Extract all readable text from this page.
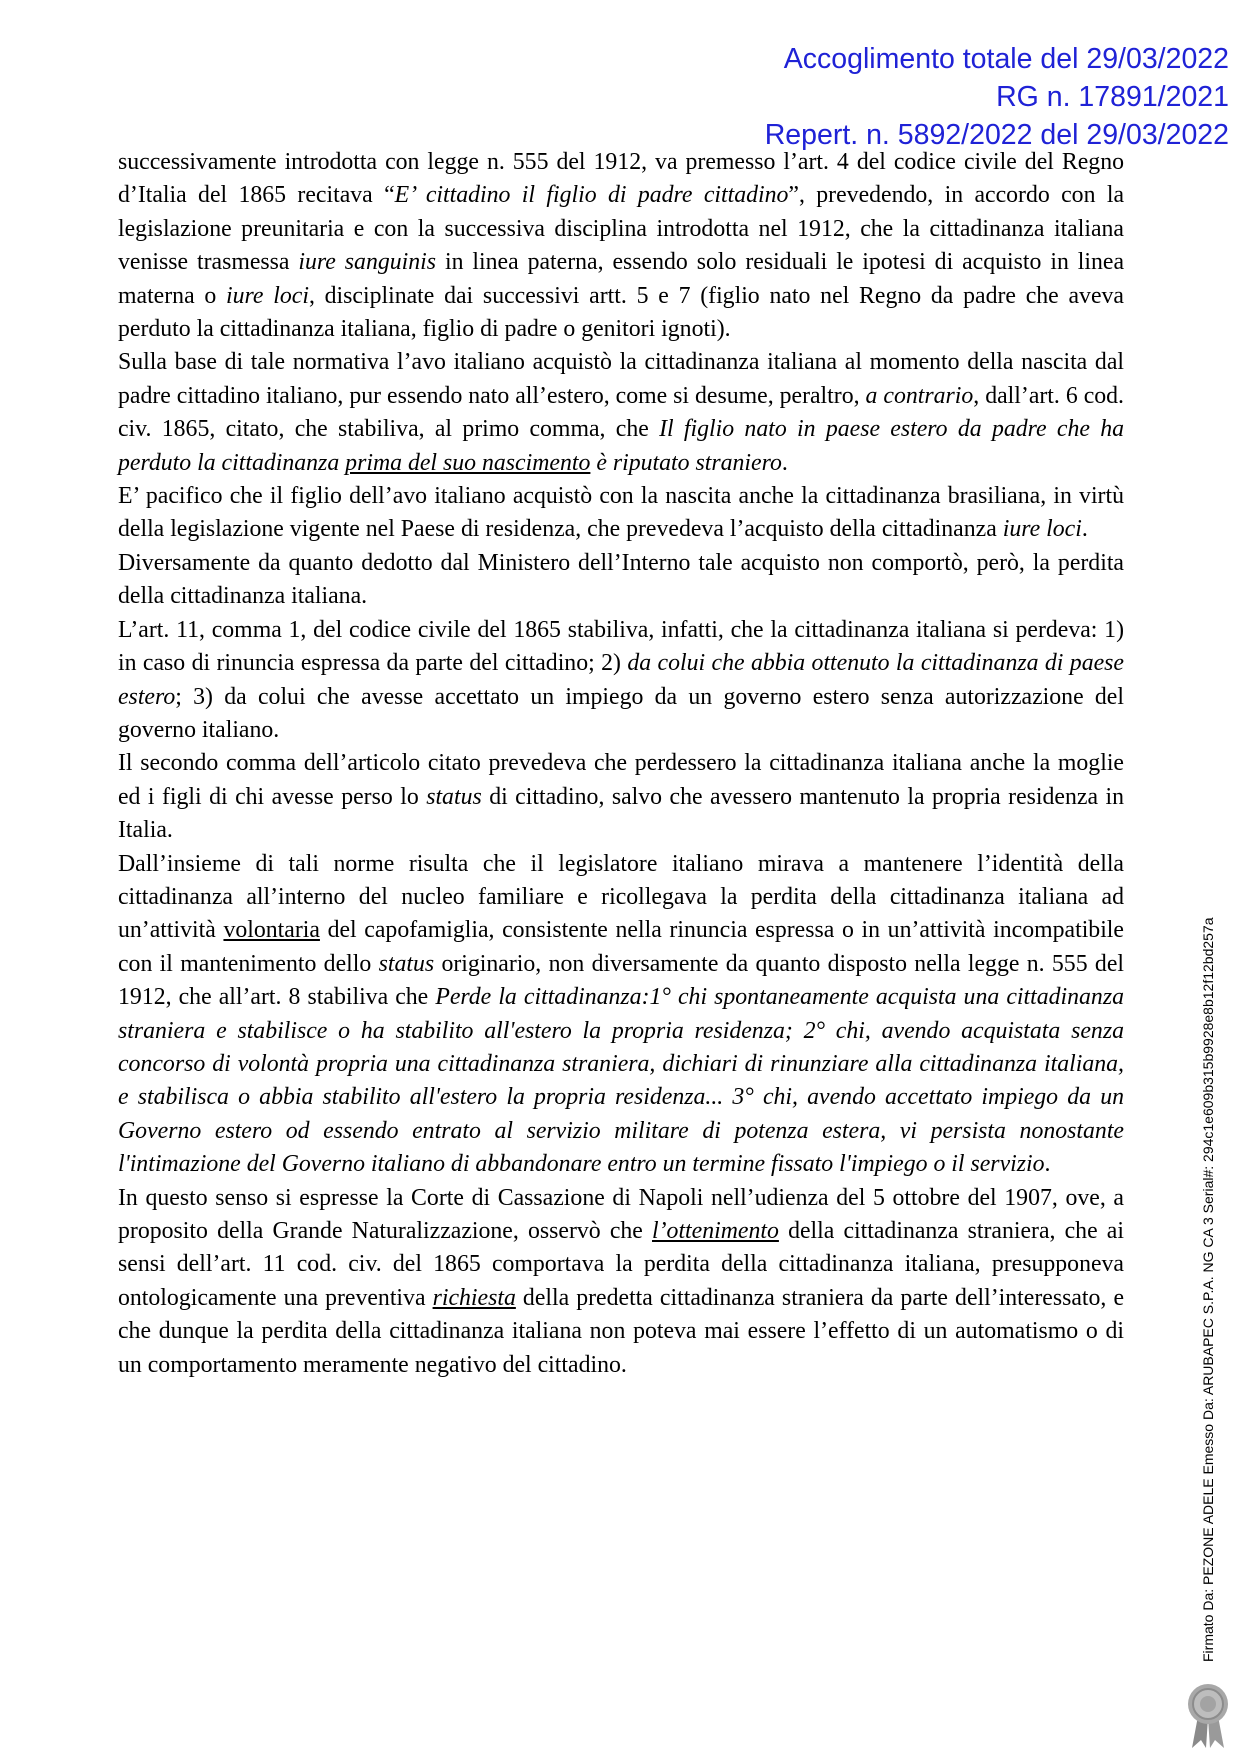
Accoglimento totale del 29/03/2022
RG n. 17891/2021
Repert. n. 5892/2022 del 29/03/2022

successivamente introdotta con legge n. 555 del 1912, va premesso l’art. 4 del codice civile del Regno d’Italia del 1865 recitava “E’ cittadino il figlio di padre cittadino”, prevedendo, in accordo con la legislazione preunitaria e con la successiva disciplina introdotta nel 1912, che la cittadinanza italiana venisse trasmessa iure sanguinis in linea paterna, essendo solo residuali le ipotesi di acquisto in linea materna o iure loci, disciplinate dai successivi artt. 5 e 7 (figlio nato nel Regno da padre che aveva perduto la cittadinanza italiana, figlio di padre o genitori ignoti).

Sulla base di tale normativa l’avo italiano acquistò la cittadinanza italiana al momento della nascita dal padre cittadino italiano, pur essendo nato all’estero, come si desume, peraltro, a contrario, dall’art. 6 cod. civ. 1865, citato, che stabiliva, al primo comma, che Il figlio nato in paese estero da padre che ha perduto la cittadinanza prima del suo nascimento è riputato straniero.

E’ pacifico che il figlio dell’avo italiano acquistò con la nascita anche la cittadinanza brasiliana, in virtù della legislazione vigente nel Paese di residenza, che prevedeva l’acquisto della cittadinanza iure loci.

Diversamente da quanto dedotto dal Ministero dell’Interno tale acquisto non comportò, però, la perdita della cittadinanza italiana.

L’art. 11, comma 1, del codice civile del 1865 stabiliva, infatti, che la cittadinanza italiana si perdeva: 1) in caso di rinuncia espressa da parte del cittadino; 2) da colui che abbia ottenuto la cittadinanza di paese estero; 3) da colui che avesse accettato un impiego da un governo estero senza autorizzazione del governo italiano.

Il secondo comma dell’articolo citato prevedeva che perdessero la cittadinanza italiana anche la moglie ed i figli di chi avesse perso lo status di cittadino, salvo che avessero mantenuto la propria residenza in Italia.

Dall’insieme di tali norme risulta che il legislatore italiano mirava a mantenere l’identità della cittadinanza all’interno del nucleo familiare e ricollegava la perdita della cittadinanza italiana ad un’attività volontaria del capofamiglia, consistente nella rinuncia espressa o in un’attività incompatibile con il mantenimento dello status originario, non diversamente da quanto disposto nella legge n. 555 del 1912, che all’art. 8 stabiliva che Perde la cittadinanza:1° chi spontaneamente acquista una cittadinanza straniera e stabilisce o ha stabilito all'estero la propria residenza; 2° chi, avendo acquistata senza concorso di volontà propria una cittadinanza straniera, dichiari di rinunziare alla cittadinanza italiana, e stabilisca o abbia stabilito all'estero la propria residenza... 3° chi, avendo accettato impiego da un Governo estero od essendo entrato al servizio militare di potenza estera, vi persista nonostante l'intimazione del Governo italiano di abbandonare entro un termine fissato l'impiego o il servizio.

In questo senso si espresse la Corte di Cassazione di Napoli nell’udienza del 5 ottobre del 1907, ove, a proposito della Grande Naturalizzazione, osservò che l’ottenimento della cittadinanza straniera, che ai sensi dell’art. 11 cod. civ. del 1865 comportava la perdita della cittadinanza italiana, presupponeva ontologicamente una preventiva richiesta della predetta cittadinanza straniera da parte dell’interessato, e che dunque la perdita della cittadinanza italiana non poteva mai essere l’effetto di un automatismo o di un comportamento meramente negativo del cittadino.	Firmato Da: PEZONE ADELE Emesso Da: ARUBAPEC S.P.A. NG CA 3 Serial#: 294c1e609b315b9928e8b12f12bd257a
